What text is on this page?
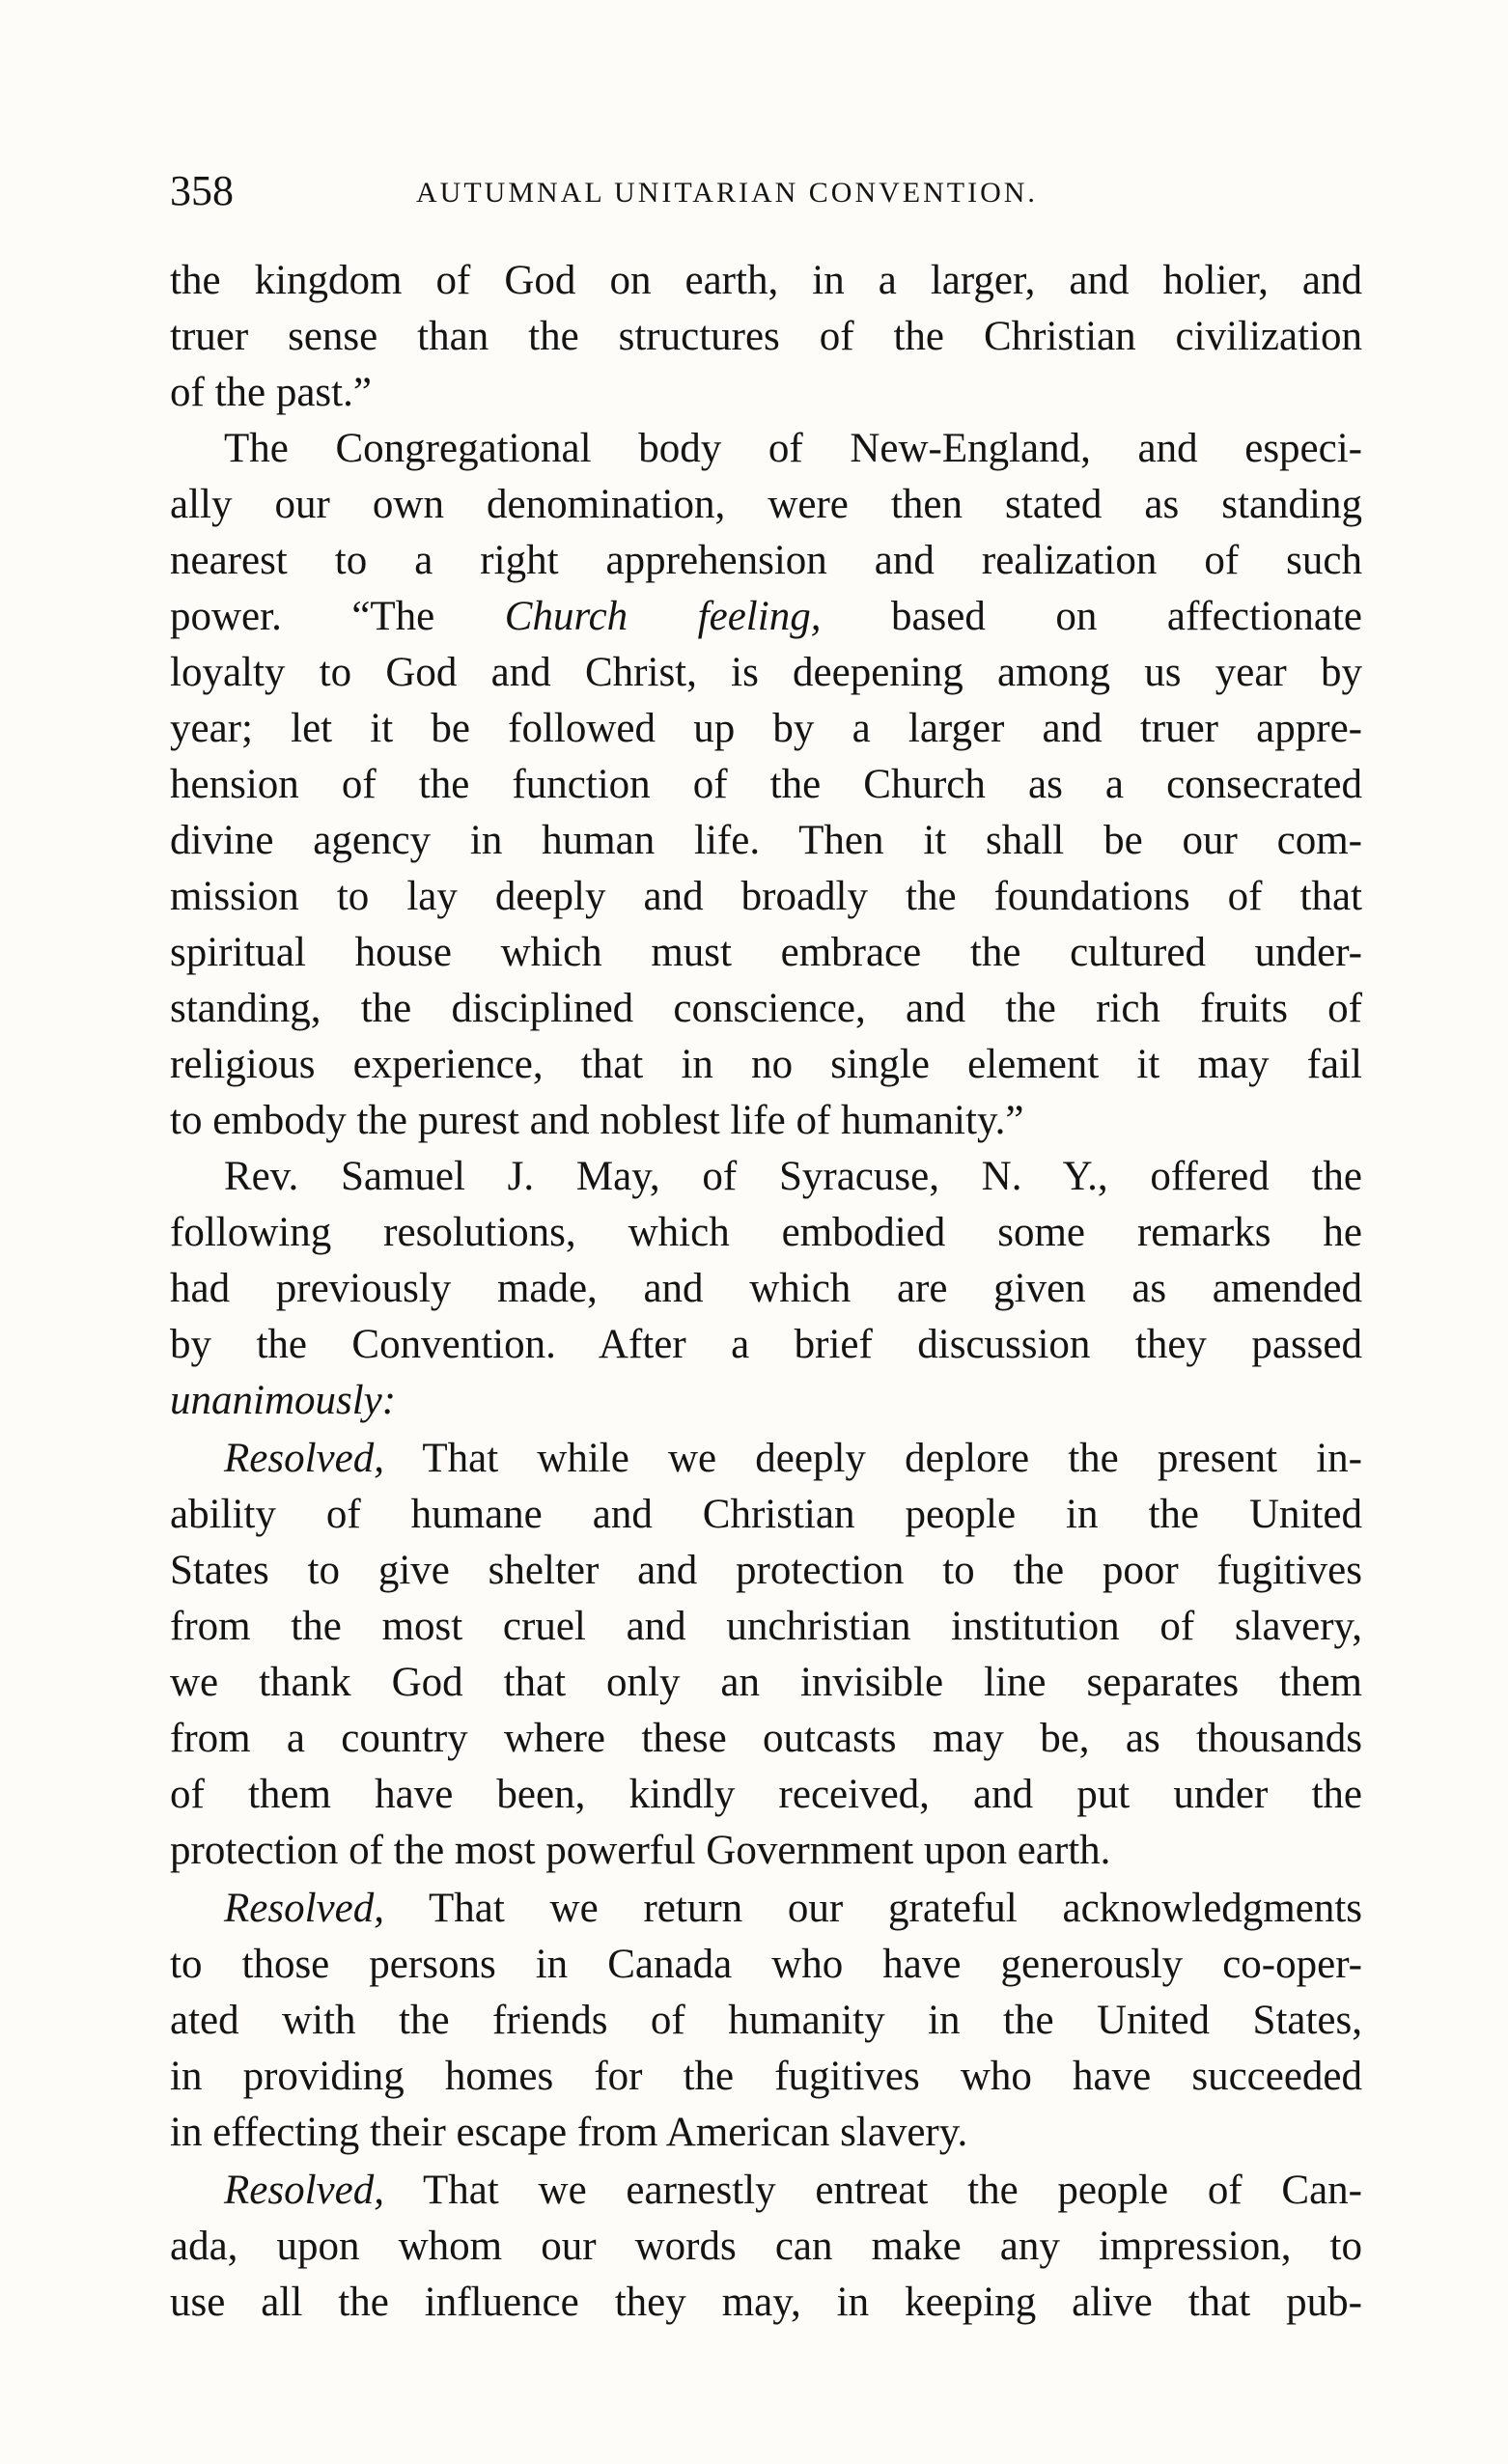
358	AUTUMNAL UNITARIAN CONVENTION.
the kingdom of God on earth, in a larger, and holier, and
truer sense than the structures of the Christian civilization
of the past.”
The Congregational body of New-England, and especi-
ally our own denomination, were then stated as standing
nearest to a right apprehension and realization of such
power. “The Church feeling, based on affectionate
loyalty to God and Christ, is deepening among us year by
year; let it be followed up by a larger and truer appre-
hension of the function of the Church as a consecrated
divine agency in human life. Then it shall be our com-
mission to lay deeply and broadly the foundations of that
spiritual house which must embrace the cultured under-
standing, the disciplined conscience, and the rich fruits of
religious experience, that in no single element it may fail
to embody the purest and noblest life of humanity.”
Rev. Samuel J. May, of Syracuse, N. Y., offered the
following resolutions, which embodied some remarks he
had previously made, and which are given as amended
by the Convention. After a brief discussion they passed
unanimously:
Resolved, That while we deeply deplore the present in-
ability of humane and Christian people in the United
States to give shelter and protection to the poor fugitives
from the most cruel and unchristian institution of slavery,
we thank God that only an invisible line separates them
from a country where these outcasts may be, as thousands
of them have been, kindly received, and put under the
protection of the most powerful Government upon earth.
Resolved, That we return our grateful acknowledgments
to those persons in Canada who have generously co-oper-
ated with the friends of humanity in the United States,
in providing homes for the fugitives who have succeeded
in effecting their escape from American slavery.
Resolved, That we earnestly entreat the people of Can-
ada, upon whom our words can make any impression, to
use all the influence they may, in keeping alive that pub-
